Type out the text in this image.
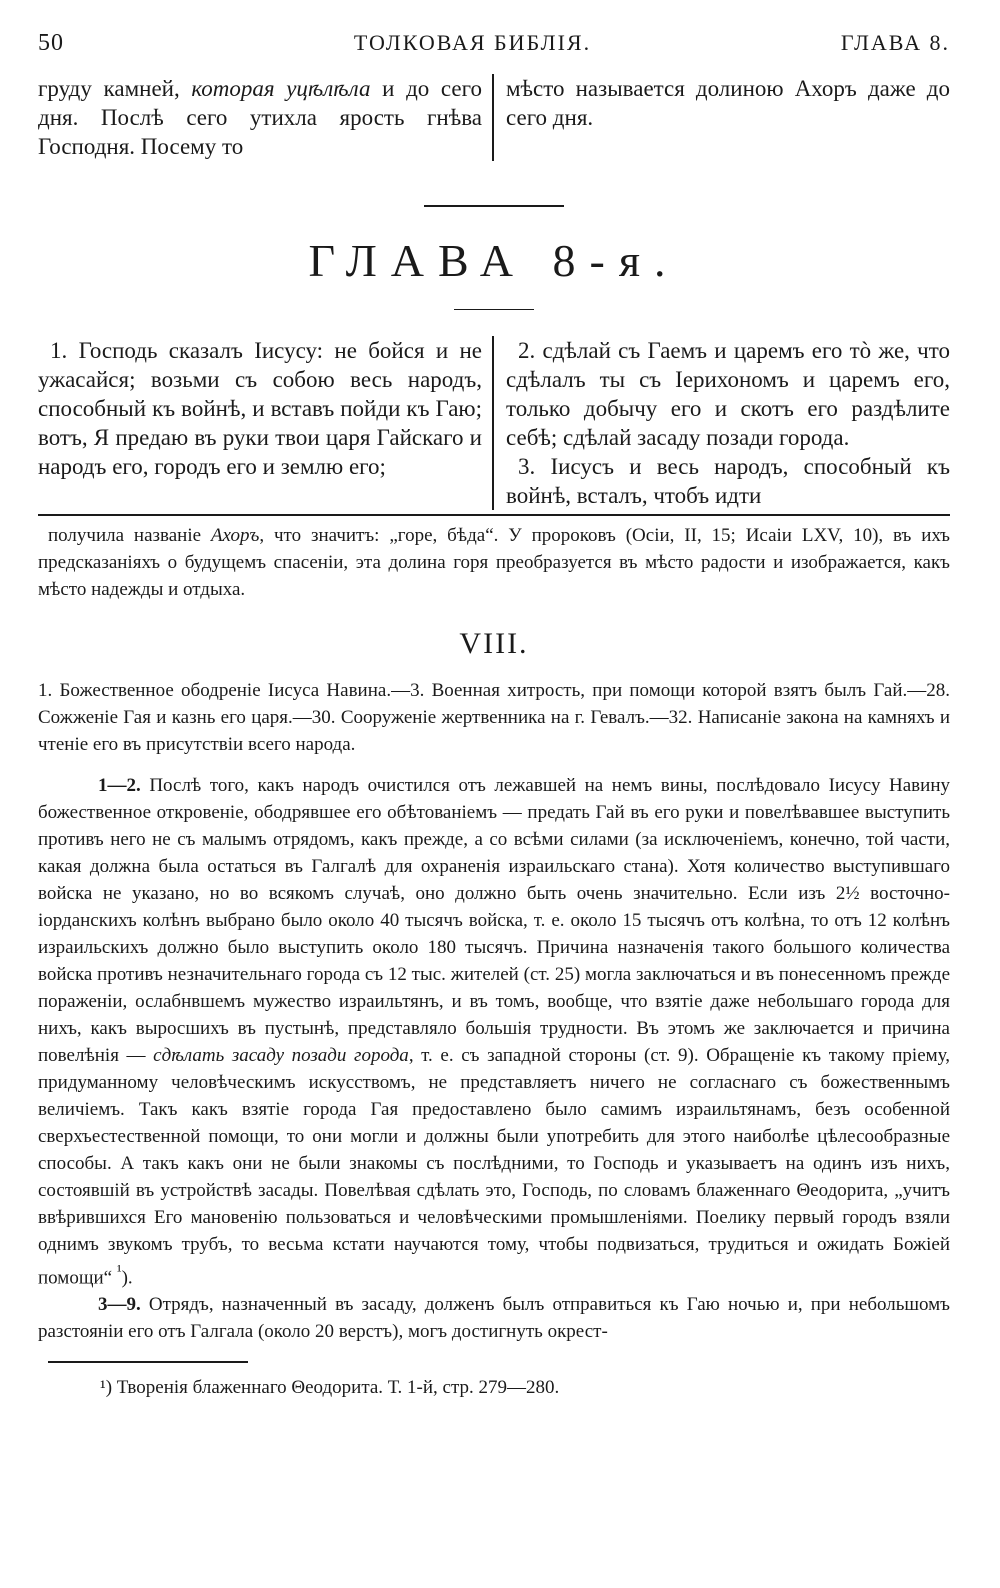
50	ТОЛКОВАЯ БИБЛІЯ.	ГЛАВА 8.
груду камней, которая уцѣлѣла и до сего дня. Послѣ сего утихла ярость гнѣва Господня. Посему то
мѣсто называется долиною Ахоръ даже до сего дня.
ГЛАВА 8-я.

1. Господь сказалъ Іисусу: не бойся и не ужасайся; возьми съ собою весь народъ, способный къ войнѣ, и вставъ пойди къ Гаю; вотъ, Я предаю въ руки твои царя Гайскаго и народъ его, городъ его и землю его;

2. сдѣлай съ Гаемъ и царемъ его тò же, что сдѣлалъ ты съ Іерихономъ и царемъ его, только добычу его и скотъ его раздѣлите себѣ; сдѣлай засаду позади города.

3. Іисусъ и весь народъ, способный къ войнѣ, всталъ, чтобъ идти

получила названіе Ахоръ, что значитъ: „горе, бѣда“. У пророковъ (Осіи, II, 15; Исаіи LXV, 10), въ ихъ предсказаніяхъ о будущемъ спасеніи, эта долина горя преобразуется въ мѣсто радости и изображается, какъ мѣсто надежды и отдыха.
VIII.
1. Божественное ободреніе Іисуса Навина.—3. Военная хитрость, при помощи которой взятъ былъ Гай.—28. Сожженіе Гая и казнь его царя.—30. Сооруженіе жертвенника на г. Гевалъ.—32. Написаніе закона на камняхъ и чтеніе его въ присутствіи всего народа.

1—2. Послѣ того, какъ народъ очистился отъ лежавшей на немъ вины, послѣдовало Іисусу Навину божественное откровеніе, ободрявшее его обѣтованіемъ — предать Гай въ его руки и повелѣвавшее выступить противъ него не съ малымъ отрядомъ, какъ прежде, а со всѣми силами (за исключеніемъ, конечно, той части, какая должна была остаться въ Галгалѣ для охраненія израильскаго стана). Хотя количество выступившаго войска не указано, но во всякомъ случаѣ, оно должно быть очень значительно. Если изъ 2½ восточно-іорданскихъ колѣнъ выбрано было около 40 тысячъ войска, т. е. около 15 тысячъ отъ колѣна, то отъ 12 колѣнъ израильскихъ должно было выступить около 180 тысячъ. Причина назначенія такого большого количества войска противъ незначительнаго города съ 12 тыс. жителей (ст. 25) могла заключаться и въ понесенномъ прежде пораженіи, ослабнвшемъ мужество израильтянъ, и въ томъ, вообще, что взятіе даже небольшаго города для нихъ, какъ выросшихъ въ пустынѣ, представляло большія трудности. Въ этомъ же заключается и причина повелѣнія — сдѣлать засаду позади города, т. е. съ западной стороны (ст. 9). Обращеніе къ такому пріему, придуманному человѣческимъ искусствомъ, не представляетъ ничего не согласнаго съ божественнымъ величіемъ. Такъ какъ взятіе города Гая предоставлено было самимъ израильтянамъ, безъ особенной сверхъестественной помощи, то они могли и должны были употребить для этого наиболѣе цѣлесообразные способы. А такъ какъ они не были знакомы съ послѣдними, то Господь и указываетъ на одинъ изъ нихъ, состоявшій въ устройствѣ засады. Повелѣвая сдѣлать это, Господь, по словамъ блаженнаго Θеодорита, „учитъ ввѣрившихся Его мановенію пользоваться и человѣческими промышленіями. Поелику первый городъ взяли однимъ звукомъ трубъ, то весьма кстати научаются тому, чтобы подвизаться, трудиться и ожидать Божіей помощи“ $^{^1}$).

3—9. Отрядъ, назначенный въ засаду, долженъ былъ отправиться къ Гаю ночью и, при небольшомъ разстояніи его отъ Галгала (около 20 верстъ), могъ достигнуть окрест-

¹) Творенія блаженнаго Θеодорита. Т. 1-й, стр. 279—280.
